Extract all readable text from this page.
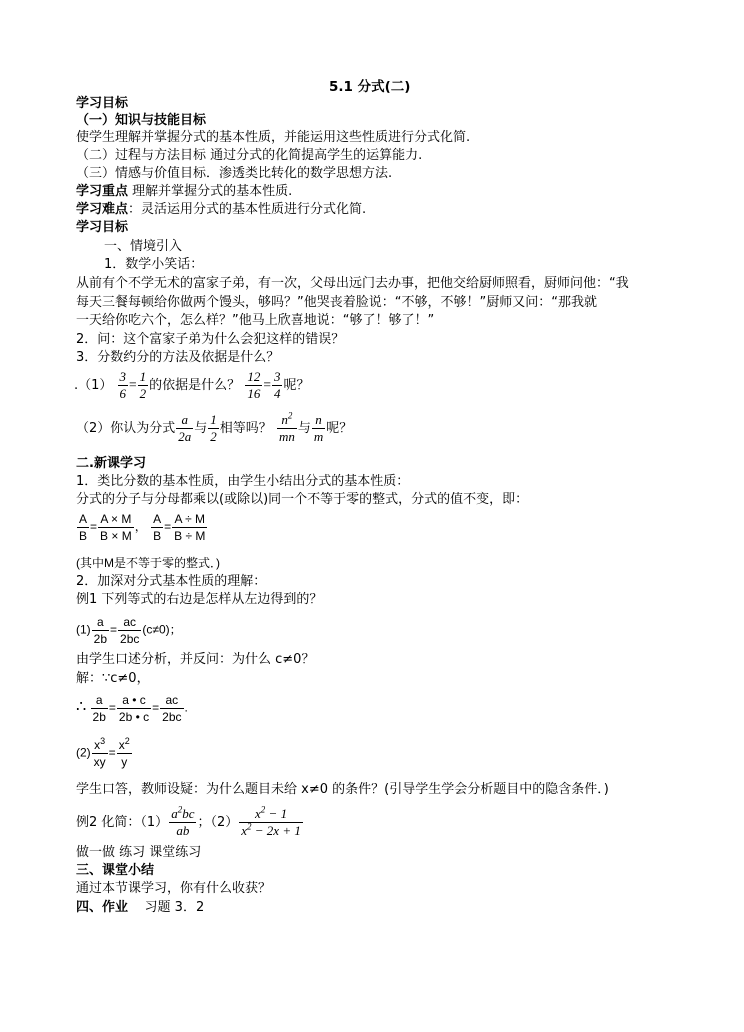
5.1 分式(二)
学习目标
（一）知识与技能目标
使学生理解并掌握分式的基本性质，并能运用这些性质进行分式化简.
（二）过程与方法目标 通过分式的化简提高学生的运算能力.
（三）情感与价值目标．渗透类比转化的数学思想方法.
学习重点 理解并掌握分式的基本性质.
学习难点：灵活运用分式的基本性质进行分式化简.
学习目标
一、情境引入
1．数学小笑话：
从前有个不学无术的富家子弟，有一次，父母出远门去办事，把他交给厨师照看，厨师问他：“我
每天三餐每顿给你做两个馒头，够吗？”他哭丧着脸说：“不够，不够！”厨师又问：“那我就
一天给你吃六个，怎么样？”他马上欣喜地说：“够了！够了！”
2．问：这个富家子弟为什么会犯这样的错误？
3．分数约分的方法及依据是什么？
$.(1) \frac{3}{6} = \frac{1}{2}$ 的依据是什么？ $\frac{12}{16} = \frac{3}{4}$ 呢？
（2）你认为分式 $\frac{a}{2a}$ 与 $\frac{1}{2}$ 相等吗？ $\frac{n^2}{mn}$ 与 $\frac{n}{m}$ 呢？
二.新课学习
1．类比分数的基本性质，由学生小结出分式的基本性质：
分式的分子与分母都乘以(或除以)同一个不等于零的整式，分式的值不变，即：
$\frac{A}{B} = \frac{A \times M}{B \times M}$ ， $\frac{A}{B} = \frac{A \div M}{B \div M}$
(其中M是不等于零的整式．)
2．加深对分式基本性质的理解：
例1 下列等式的右边是怎样从左边得到的？
$(1) \frac{a}{2b} = \frac{ac}{2bc} (c\ne 0)$；
由学生口述分析，并反问：为什么 c≠0？
解：∵c≠0，
∴ $\frac{a}{2b} = \frac{a • c}{2b • c} = \frac{ac}{2bc}$ .
$(2) \frac{x^3}{xy} = \frac{x^2}{y}$
学生口答，教师设疑：为什么题目未给 x≠0 的条件？(引导学生学会分析题目中的隐含条件．)
例2 化简：$(1) \frac{a^2bc}{ab}$ ；$(2) \frac{x^2 - 1}{x^2 - 2x + 1}$
做一做 练习 课堂练习
三、课堂小结
通过本节课学习，你有什么收获？
四、作业 习题 3．2
